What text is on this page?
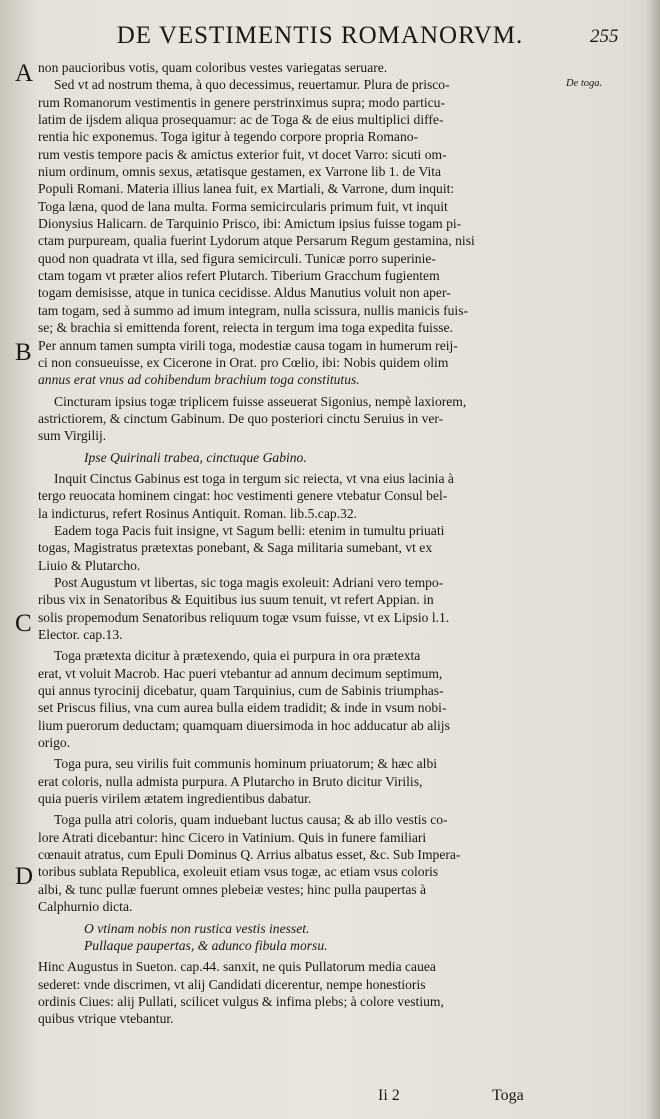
DE VESTIMENTIS ROMANORVM.	255
De toga.
A
B
C
D

non paucioribus votis, quam coloribus vestes variegatas seruare.

Sed vt ad nostrum thema, à quo decessimus, reuertamur. Plura de prisco-

rum Romanorum vestimentis in genere perstrinximus supra; modo particu-

latim de ijsdem aliqua prosequamur: ac de Toga & de eius multiplici diffe-

rentia hic exponemus. Toga igitur à tegendo corpore propria Romano-

rum vestis tempore pacis & amictus exterior fuit, vt docet Varro: sicuti om-

nium ordinum, omnis sexus, ætatisque gestamen, ex Varrone lib 1. de Vita

Populi Romani. Materia illius lanea fuit, ex Martiali, & Varrone, dum inquit:

Toga læna, quod de lana multa. Forma semicircularis primum fuit, vt inquit

Dionysius Halicarn. de Tarquinio Prisco, ibi: Amictum ipsius fuisse togam pi-

ctam purpuream, qualia fuerint Lydorum atque Persarum Regum gestamina, nisi

quod non quadrata vt illa, sed figura semicirculi. Tunicæ porro superinie-

ctam togam vt præter alios refert Plutarch. Tiberium Gracchum fugientem

togam demisisse, atque in tunica cecidisse. Aldus Manutius voluit non aper-

tam togam, sed à summo ad imum integram, nulla scissura, nullis manicis fuis-

se; & brachia si emittenda forent, reiecta in tergum ima toga expedita fuisse.

Per annum tamen sumpta virili toga, modestiæ causa togam in humerum reij-

ci non consueuisse, ex Cicerone in Orat. pro Cœlio, ibi: Nobis quidem olim

annus erat vnus ad cohibendum brachium toga constitutus.

Cincturam ipsius togæ triplicem fuisse asseuerat Sigonius, nempè laxiorem,

astrictiorem, & cinctum Gabinum. De quo posteriori cinctu Seruius in ver-

sum Virgilij.

Ipse Quirinali trabea, cinctuque Gabino.

Inquit Cinctus Gabinus est toga in tergum sic reiecta, vt vna eius lacinia à

tergo reuocata hominem cingat: hoc vestimenti genere vtebatur Consul bel-

la indicturus, refert Rosinus Antiquit. Roman. lib.5.cap.32.

Eadem toga Pacis fuit insigne, vt Sagum belli: etenim in tumultu priuati

togas, Magistratus prætextas ponebant, & Saga militaria sumebant, vt ex

Liuio & Plutarcho.

Post Augustum vt libertas, sic toga magis exoleuit: Adriani vero tempo-

ribus vix in Senatoribus & Equitibus ius suum tenuit, vt refert Appian. in

solis propemodum Senatoribus reliquum togæ vsum fuisse, vt ex Lipsio l.1.

Elector. cap.13.

Toga prætexta dicitur à prætexendo, quia ei purpura in ora prætexta

erat, vt voluit Macrob. Hac pueri vtebantur ad annum decimum septimum,

qui annus tyrocinij dicebatur, quam Tarquinius, cum de Sabinis triumphas-

set Priscus filius, vna cum aurea bulla eidem tradidit; & inde in vsum nobi-

lium puerorum deductam; quamquam diuersimoda in hoc adducatur ab alijs

origo.

Toga pura, seu virilis fuit communis hominum priuatorum; & hæc albi

erat coloris, nulla admista purpura. A Plutarcho in Bruto dicitur Virilis,

quia pueris virilem ætatem ingredientibus dabatur.

Toga pulla atri coloris, quam induebant luctus causa; & ab illo vestis co-

lore Atrati dicebantur: hinc Cicero in Vatinium. Quis in funere familiari

cœnauit atratus, cum Epuli Dominus Q. Arrius albatus esset, &c. Sub Impera-

toribus sublata Republica, exoleuit etiam vsus togæ, ac etiam vsus coloris

albi, & tunc pullæ fuerunt omnes plebeiæ vestes; hinc pulla paupertas à

Calphurnio dicta.

O vtinam nobis non rustica vestis inesset.

Pullaque paupertas, & adunco fibula morsu.

Hinc Augustus in Sueton. cap.44. sanxit, ne quis Pullatorum media cauea

sederet: vnde discrimen, vt alij Candidati dicerentur, nempe honestioris

ordinis Ciues: alij Pullati, scilicet vulgus & infima plebs; à colore vestium,

quibus vtrique vtebantur.

Ii 2	Toga
